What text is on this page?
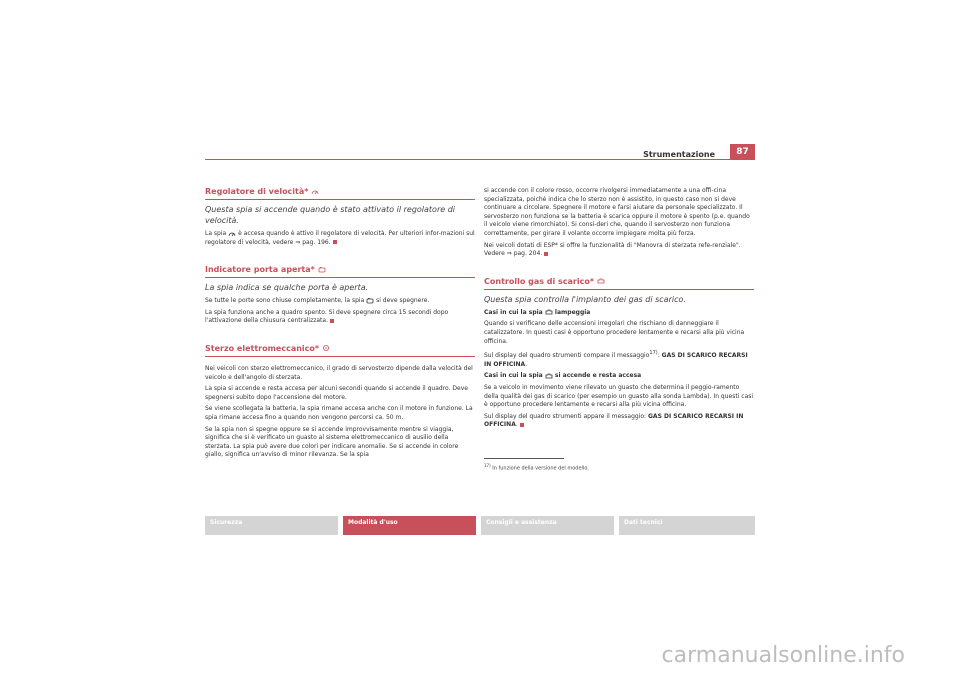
Strumentazione	87
Regolatore di velocità*
Questa spia si accende quando è stato attivato il regolatore di velocità.

La spia è accesa quando è attivo il regolatore di velocità. Per ulteriori infor-mazioni sul regolatore di velocità, vedere ⇒ pag. 196.

Indicatore porta aperta*
La spia indica se qualche porta è aperta.

Se tutte le porte sono chiuse completamente, la spia si deve spegnere.

La spia funziona anche a quadro spento. Si deve spegnere circa 15 secondi dopo l'attivazione della chiusura centralizzata.

Sterzo elettromeccanico*

Nei veicoli con sterzo elettromeccanico, il grado di servosterzo dipende dalla velocità del veicolo e dell'angolo di sterzata.

La spia si accende e resta accesa per alcuni secondi quando si accende il quadro. Deve spegnersi subito dopo l'accensione del motore.

Se viene scollegata la batteria, la spia rimane accesa anche con il motore in funzione. La spia rimane accesa fino a quando non vengono percorsi ca. 50 m.

Se la spia non si spegne oppure se si accende improvvisamente mentre si viaggia, significa che si è verificato un guasto al sistema elettromeccanico di ausilio della sterzata. La spia può avere due colori per indicare anomalie. Se si accende in colore giallo, significa un'avviso di minor rilevanza. Se la spia

si accende con il colore rosso, occorre rivolgersi immediatamente a una offi-cina specializzata, poiché indica che lo sterzo non è assistito, in questo caso non si deve continuare a circolare. Spegnere il motore e farsi aiutare da personale specializzato. Il servosterzo non funziona se la batteria è scarica oppure il motore è spento (p.e. quando il veicolo viene rimorchiato). Si consi-deri che, quando il servosterzo non funziona correttamente, per girare il volante occorre impiegare molta più forza.

Nei veicoli dotati di ESP* si offre la funzionalità di "Manovra di sterzata refe-renziale". Vedere ⇒ pag. 204.

Controllo gas di scarico*
Questa spia controlla l'impianto dei gas di scarico.

Casi in cui la spia lampeggia

Quando si verificano delle accensioni irregolari che rischiano di danneggiare il catalizzatore. In questi casi è opportuno procedere lentamente e recarsi alla più vicina officina.

Sul display del quadro strumenti compare il messaggio$^{17)}$: GAS DI SCARICO RECARSI IN OFFICINA.

Casi in cui la spia si accende e resta accesa

Se a veicolo in movimento viene rilevato un guasto che determina il peggio-ramento della qualità dei gas di scarico (per esempio un guasto alla sonda Lambda). In questi casi è opportuno procedere lentamente e recarsi alla più vicina officina.

Sul display del quadro strumenti appare il messaggio: GAS DI SCARICO RECARSI IN OFFICINA.

$^{17)}$ In funzione della versione del modello.
Sicurezza	Modalità d'uso	Consigli e assistenza	Dati tecnici
carmanualsonline.info
